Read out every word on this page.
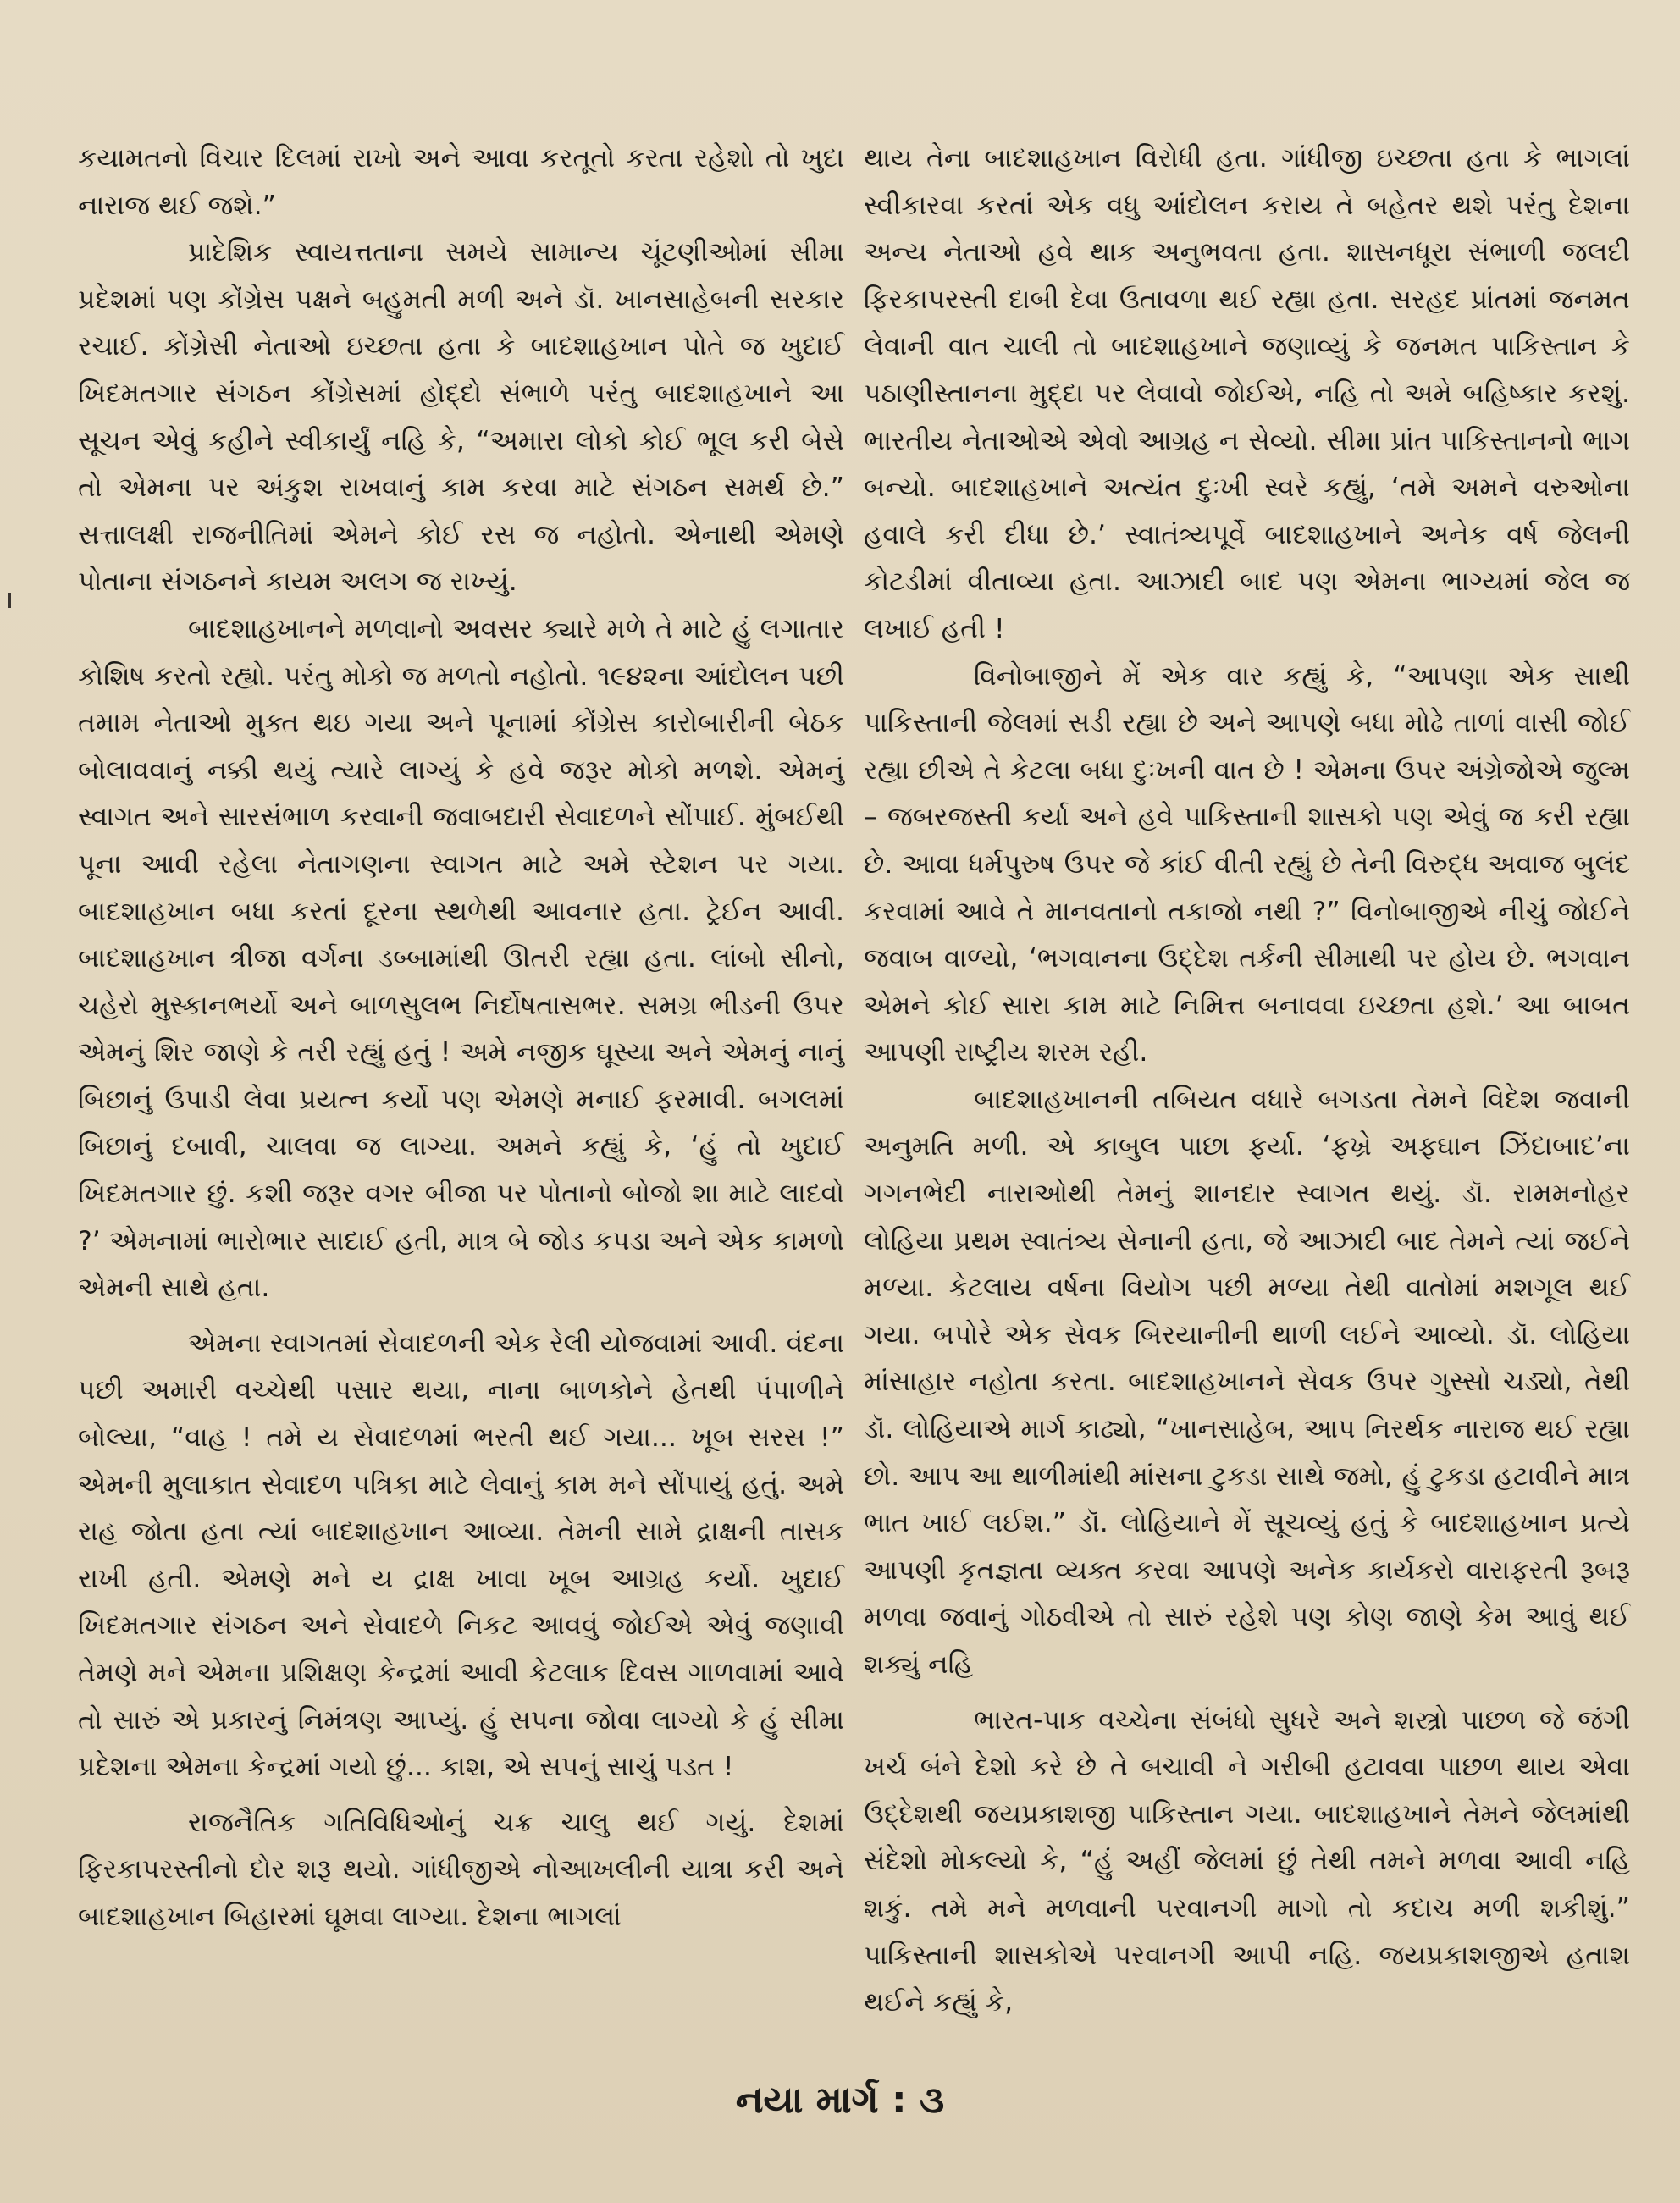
કયામતનો વિચાર દિલમાં રાખો અને આવા કરતૂતો કરતા રહેશો તો ખુદા નારાજ થઈ જશે.”

પ્રાદેશિક સ્વાયત્તતાના સમયે સામાન્ય ચૂંટણીઓમાં સીમા પ્રદેશમાં પણ કોંગ્રેસ પક્ષને બહુમતી મળી અને ડૉ. ખાનસાહેબની સરકાર રચાઈ. કોંગ્રેસી નેતાઓ ઇચ્છતા હતા કે બાદશાહખાન પોતે જ ખુદાઈ ખિદમતગાર સંગઠન કોંગ્રેસમાં હોદ્દો સંભાળે પરંતુ બાદશાહખાને આ સૂચન એવું કહીને સ્વીકાર્યું નહિ કે, “અમારા લોકો કોઈ ભૂલ કરી બેસે તો એમના પર અંકુશ રાખવાનું કામ કરવા માટે સંગઠન સમર્થ છે.” સત્તાલક્ષી રાજનીતિમાં એમને કોઈ રસ જ નહોતો. એનાથી એમણે પોતાના સંગઠનને કાયમ અલગ જ રાખ્યું.

બાદશાહખાનને મળવાનો અવસર ક્યારે મળે તે માટે હું લગાતાર કોશિષ કરતો રહ્યો. પરંતુ મોકો જ મળતો નહોતો. ૧૯૪૨ના આંદોલન પછી તમામ નેતાઓ મુક્ત થઇ ગયા અને પૂનામાં કોંગ્રેસ કારોબારીની બેઠક બોલાવવાનું નક્કી થયું ત્યારે લાગ્યું કે હવે જરૂર મોકો મળશે. એમનું સ્વાગત અને સારસંભાળ કરવાની જવાબદારી સેવાદળને સોંપાઈ. મુંબઈથી પૂના આવી રહેલા નેતાગણના સ્વાગત માટે અમે સ્ટેશન પર ગયા. બાદશાહખાન બધા કરતાં દૂરના સ્થળેથી આવનાર હતા. ટ્રેઈન આવી. બાદશાહખાન ત્રીજા વર્ગના ડબ્બામાંથી ઊતરી રહ્યા હતા. લાંબો સીનો, ચહેરો મુસ્કાનભર્યો અને બાળસુલભ નિર્દોષતાસભર. સમગ્ર ભીડની ઉપર એમનું શિર જાણે કે તરી રહ્યું હતું ! અમે નજીક ઘૂસ્યા અને એમનું નાનું બિછાનું ઉપાડી લેવા પ્રયત્ન કર્યો પણ એમણે મનાઈ ફરમાવી. બગલમાં બિછાનું દબાવી, ચાલવા જ લાગ્યા. અમને કહ્યું કે, ‘હું તો ખુદાઈ ખિદમતગાર છું. કશી જરૂર વગર બીજા પર પોતાનો બોજો શા માટે લાદવો ?’ એમનામાં ભારોભાર સાદાઈ હતી, માત્ર બે જોડ કપડા અને એક કામળો એમની સાથે હતા.

એમના સ્વાગતમાં સેવાદળની એક રેલી યોજવામાં આવી. વંદના પછી અમારી વચ્ચેથી પસાર થયા, નાના બાળકોને હેતથી પંપાળીને બોલ્યા, “વાહ ! તમે ય સેવાદળમાં ભરતી થઈ ગયા... ખૂબ સરસ !” એમની મુલાકાત સેવાદળ પત્રિકા માટે લેવાનું કામ મને સોંપાયું હતું. અમે રાહ જોતા હતા ત્યાં બાદશાહખાન આવ્યા. તેમની સામે દ્રાક્ષની તાસક રાખી હતી. એમણે મને ય દ્રાક્ષ ખાવા ખૂબ આગ્રહ કર્યો. ખુદાઈ ખિદમતગાર સંગઠન અને સેવાદળે નિકટ આવવું જોઈએ એવું જણાવી તેમણે મને એમના પ્રશિક્ષણ કેન્દ્રમાં આવી કેટલાક દિવસ ગાળવામાં આવે તો સારું એ પ્રકારનું નિમંત્રણ આપ્યું. હું સપના જોવા લાગ્યો કે હું સીમા પ્રદેશના એમના કેન્દ્રમાં ગયો છું... કાશ, એ સપનું સાચું પડત !

રાજનૈતિક ગતિવિધિઓનું ચક્ર ચાલુ થઈ ગયું. દેશમાં ફિરકાપરસ્તીનો દોર શરૂ થયો. ગાંધીજીએ નોઆખલીની યાત્રા કરી અને બાદશાહખાન બિહારમાં ઘૂમવા લાગ્યા. દેશના ભાગલાં

થાય તેના બાદશાહખાન વિરોધી હતા. ગાંધીજી ઇચ્છતા હતા કે ભાગલાં સ્વીકારવા કરતાં એક વધુ આંદોલન કરાય તે બહેતર થશે પરંતુ દેશના અન્ય નેતાઓ હવે થાક અનુભવતા હતા. શાસનધૂરા સંભાળી જલદી ફિરકાપરસ્તી દાબી દેવા ઉતાવળા થઈ રહ્યા હતા. સરહદ પ્રાંતમાં જનમત લેવાની વાત ચાલી તો બાદશાહખાને જણાવ્યું કે જનમત પાકિસ્તાન કે પઠાણીસ્તાનના મુદ્દા પર લેવાવો જોઈએ, નહિ તો અમે બહિષ્કાર કરશું. ભારતીય નેતાઓએ એવો આગ્રહ ન સેવ્યો. સીમા પ્રાંત પાકિસ્તાનનો ભાગ બન્યો. બાદશાહખાને અત્યંત દુઃખી સ્વરે કહ્યું, ‘તમે અમને વરુઓના હવાલે કરી દીધા છે.’ સ્વાતંત્ર્યપૂર્વે બાદશાહખાને અનેક વર્ષ જેલની કોટડીમાં વીતાવ્યા હતા. આઝાદી બાદ પણ એમના ભાગ્યમાં જેલ જ લખાઈ હતી !

વિનોબાજીને મેં એક વાર કહ્યું કે, “આપણા એક સાથી પાકિસ્તાની જેલમાં સડી રહ્યા છે અને આપણે બધા મોઢે તાળાં વાસી જોઈ રહ્યા છીએ તે કેટલા બધા દુઃખની વાત છે ! એમના ઉપર અંગ્રેજોએ જુલ્મ – જબરજસ્તી કર્યા અને હવે પાકિસ્તાની શાસકો પણ એવું જ કરી રહ્યા છે. આવા ધર્મપુરુષ ઉપર જે કાંઈ વીતી રહ્યું છે તેની વિરુદ્ધ અવાજ બુલંદ કરવામાં આવે તે માનવતાનો તકાજો નથી ?” વિનોબાજીએ નીચું જોઈને જવાબ વાળ્યો, ‘ભગવાનના ઉદ્દેશ તર્કની સીમાથી પર હોય છે. ભગવાન એમને કોઈ સારા કામ માટે નિમિત્ત બનાવવા ઇચ્છતા હશે.’ આ બાબત આપણી રાષ્ટ્રીય શરમ રહી.

બાદશાહખાનની તબિયત વધારે બગડતા તેમને વિદેશ જવાની અનુમતિ મળી. એ કાબુલ પાછા ફર્યા. ‘ફખ્રે અફઘાન ઝિંદાબાદ’ના ગગનભેદી નારાઓથી તેમનું શાનદાર સ્વાગત થયું. ડૉ. રામમનોહર લોહિયા પ્રથમ સ્વાતંત્ર્ય સેનાની હતા, જે આઝાદી બાદ તેમને ત્યાં જઈને મળ્યા. કેટલાય વર્ષના વિયોગ પછી મળ્યા તેથી વાતોમાં મશગૂલ થઈ ગયા. બપોરે એક સેવક બિરયાનીની થાળી લઈને આવ્યો. ડૉ. લોહિયા માંસાહાર નહોતા કરતા. બાદશાહખાનને સેવક ઉપર ગુસ્સો ચડ્યો, તેથી ડૉ. લોહિયાએ માર્ગ કાઢ્યો, “ખાનસાહેબ, આપ નિરર્થક નારાજ થઈ રહ્યા છો. આપ આ થાળીમાંથી માંસના ટુકડા સાથે જમો, હું ટુકડા હટાવીને માત્ર ભાત ખાઈ લઈશ.” ડૉ. લોહિયાને મેં સૂચવ્યું હતું કે બાદશાહખાન પ્રત્યે આપણી કૃતજ્ઞતા વ્યક્ત કરવા આપણે અનેક કાર્યકરો વારાફરતી રૂબરૂ મળવા જવાનું ગોઠવીએ તો સારું રહેશે પણ કોણ જાણે કેમ આવું થઈ શક્યું નહિ

ભારત-પાક વચ્ચેના સંબંધો સુધરે અને શસ્ત્રો પાછળ જે જંગી ખર્ચ બંને દેશો કરે છે તે બચાવી ને ગરીબી હટાવવા પાછળ થાય એવા ઉદ્દેશથી જયપ્રકાશજી પાકિસ્તાન ગયા. બાદશાહખાને તેમને જેલમાંથી સંદેશો મોકલ્યો કે, “હું અહીં જેલમાં છું તેથી તમને મળવા આવી નહિ શકું. તમે મને મળવાની પરવાનગી માગો તો કદાચ મળી શકીશું.” પાકિસ્તાની શાસકોએ પરવાનગી આપી નહિ. જયપ્રકાશજીએ હતાશ થઈને કહ્યું કે,

નયા માર્ગ : ૩
